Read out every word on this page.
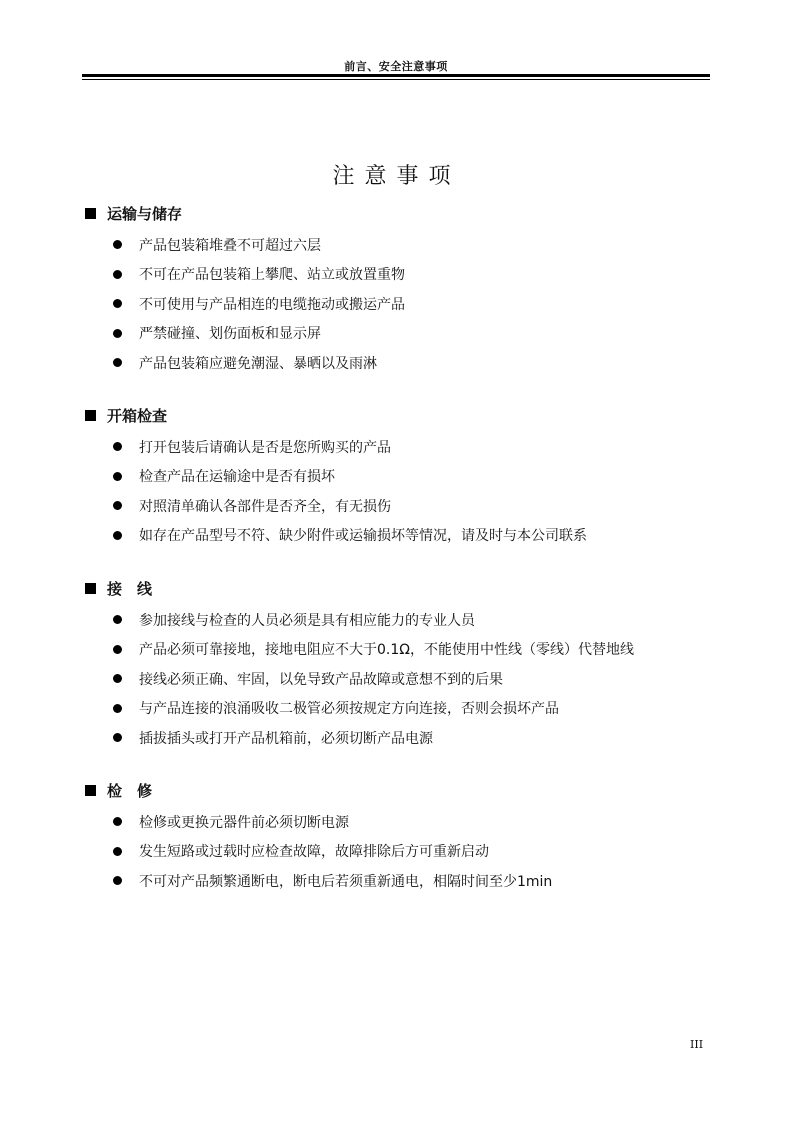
前言、安全注意事项
注意事项
运输与储存
产品包装箱堆叠不可超过六层
不可在产品包装箱上攀爬、站立或放置重物
不可使用与产品相连的电缆拖动或搬运产品
严禁碰撞、划伤面板和显示屏
产品包装箱应避免潮湿、暴晒以及雨淋
开箱检查
打开包装后请确认是否是您所购买的产品
检查产品在运输途中是否有损坏
对照清单确认各部件是否齐全，有无损伤
如存在产品型号不符、缺少附件或运输损坏等情况，请及时与本公司联系
接　线
参加接线与检查的人员必须是具有相应能力的专业人员
产品必须可靠接地，接地电阻应不大于0.1Ω，不能使用中性线（零线）代替地线
接线必须正确、牢固，以免导致产品故障或意想不到的后果
与产品连接的浪涌吸收二极管必须按规定方向连接，否则会损坏产品
插拔插头或打开产品机箱前，必须切断产品电源
检　修
检修或更换元器件前必须切断电源
发生短路或过载时应检查故障，故障排除后方可重新启动
不可对产品频繁通断电，断电后若须重新通电，相隔时间至少1min
III
